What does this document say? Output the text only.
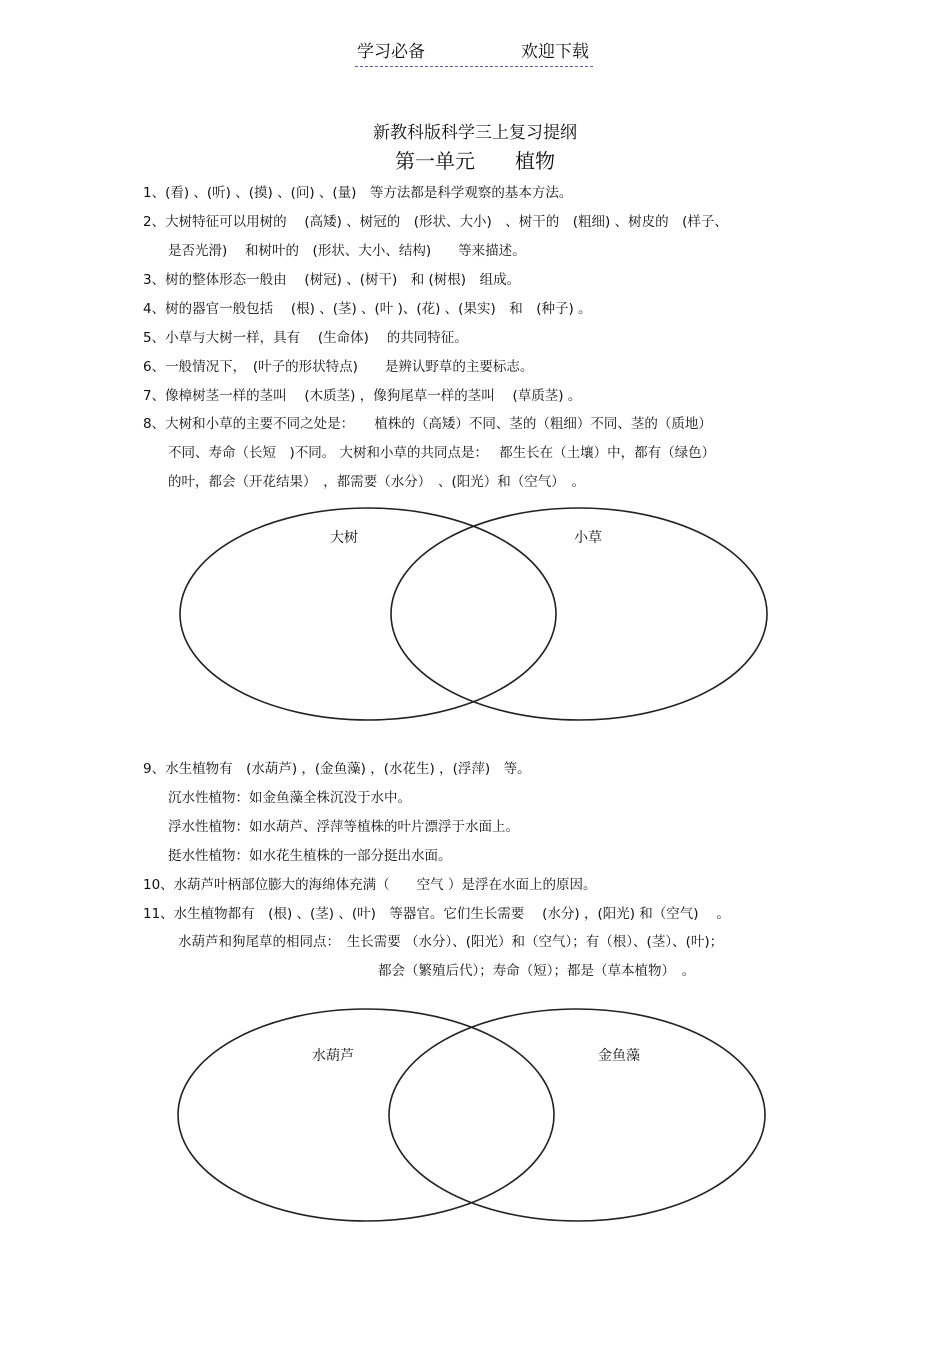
学习必备	欢迎下载
新教科版科学三上复习提纲
第一单元　　植物
1、(看) 、(听) 、(摸) 、(问) 、(量)　等方法都是科学观察的基本方法。
2、大树特征可以用树的　 (高矮) 、树冠的　(形状、大小)　、树干的　(粗细) 、树皮的　(样子、
是否光滑)　 和树叶的　(形状、大小、结构)　　等来描述。
3、树的整体形态一般由　 (树冠) 、(树干)　和 (树根)　组成。
4、树的器官一般包括　 (根) 、(茎) 、(叶 )、(花) 、(果实)　和　(种子) 。
5、小草与大树一样，具有　 (生命体)　 的共同特征。
6、一般情况下，　(叶子的形状特点)　　是辨认野草的主要标志。
7、像樟树茎一样的茎叫　 (木质茎) ，像狗尾草一样的茎叫　 (草质茎) 。
8、大树和小草的主要不同之处是：　　植株的（高矮）不同、茎的（粗细）不同、茎的（质地）
不同、寿命（长短　)不同。 大树和小草的共同点是：　 都生长在（土壤）中，都有（绿色）
的叶，都会（开花结果）　，都需要（水分）　、(阳光）和（空气）　。
大树	小草
9、水生植物有　(水葫芦) ，(金鱼藻) ，(水花生) ，(浮萍)　等。
沉水性植物：如金鱼藻全株沉没于水中。
浮水性植物：如水葫芦、浮萍等植株的叶片漂浮于水面上。
挺水性植物：如水花生植株的一部分挺出水面。
10、水葫芦叶柄部位膨大的海绵体充满（　　空气 ）是浮在水面上的原因。
11、水生植物都有　(根) 、(茎) 、(叶)　等器官。它们生长需要　 (水分) ，(阳光) 和（空气)　 。
水葫芦和狗尾草的相同点：　生长需要 （水分）、(阳光）和（空气）；有（根）、(茎）、(叶)；
都会（繁殖后代）；寿命（短）；都是（草本植物）　。
水葫芦	金鱼藻
